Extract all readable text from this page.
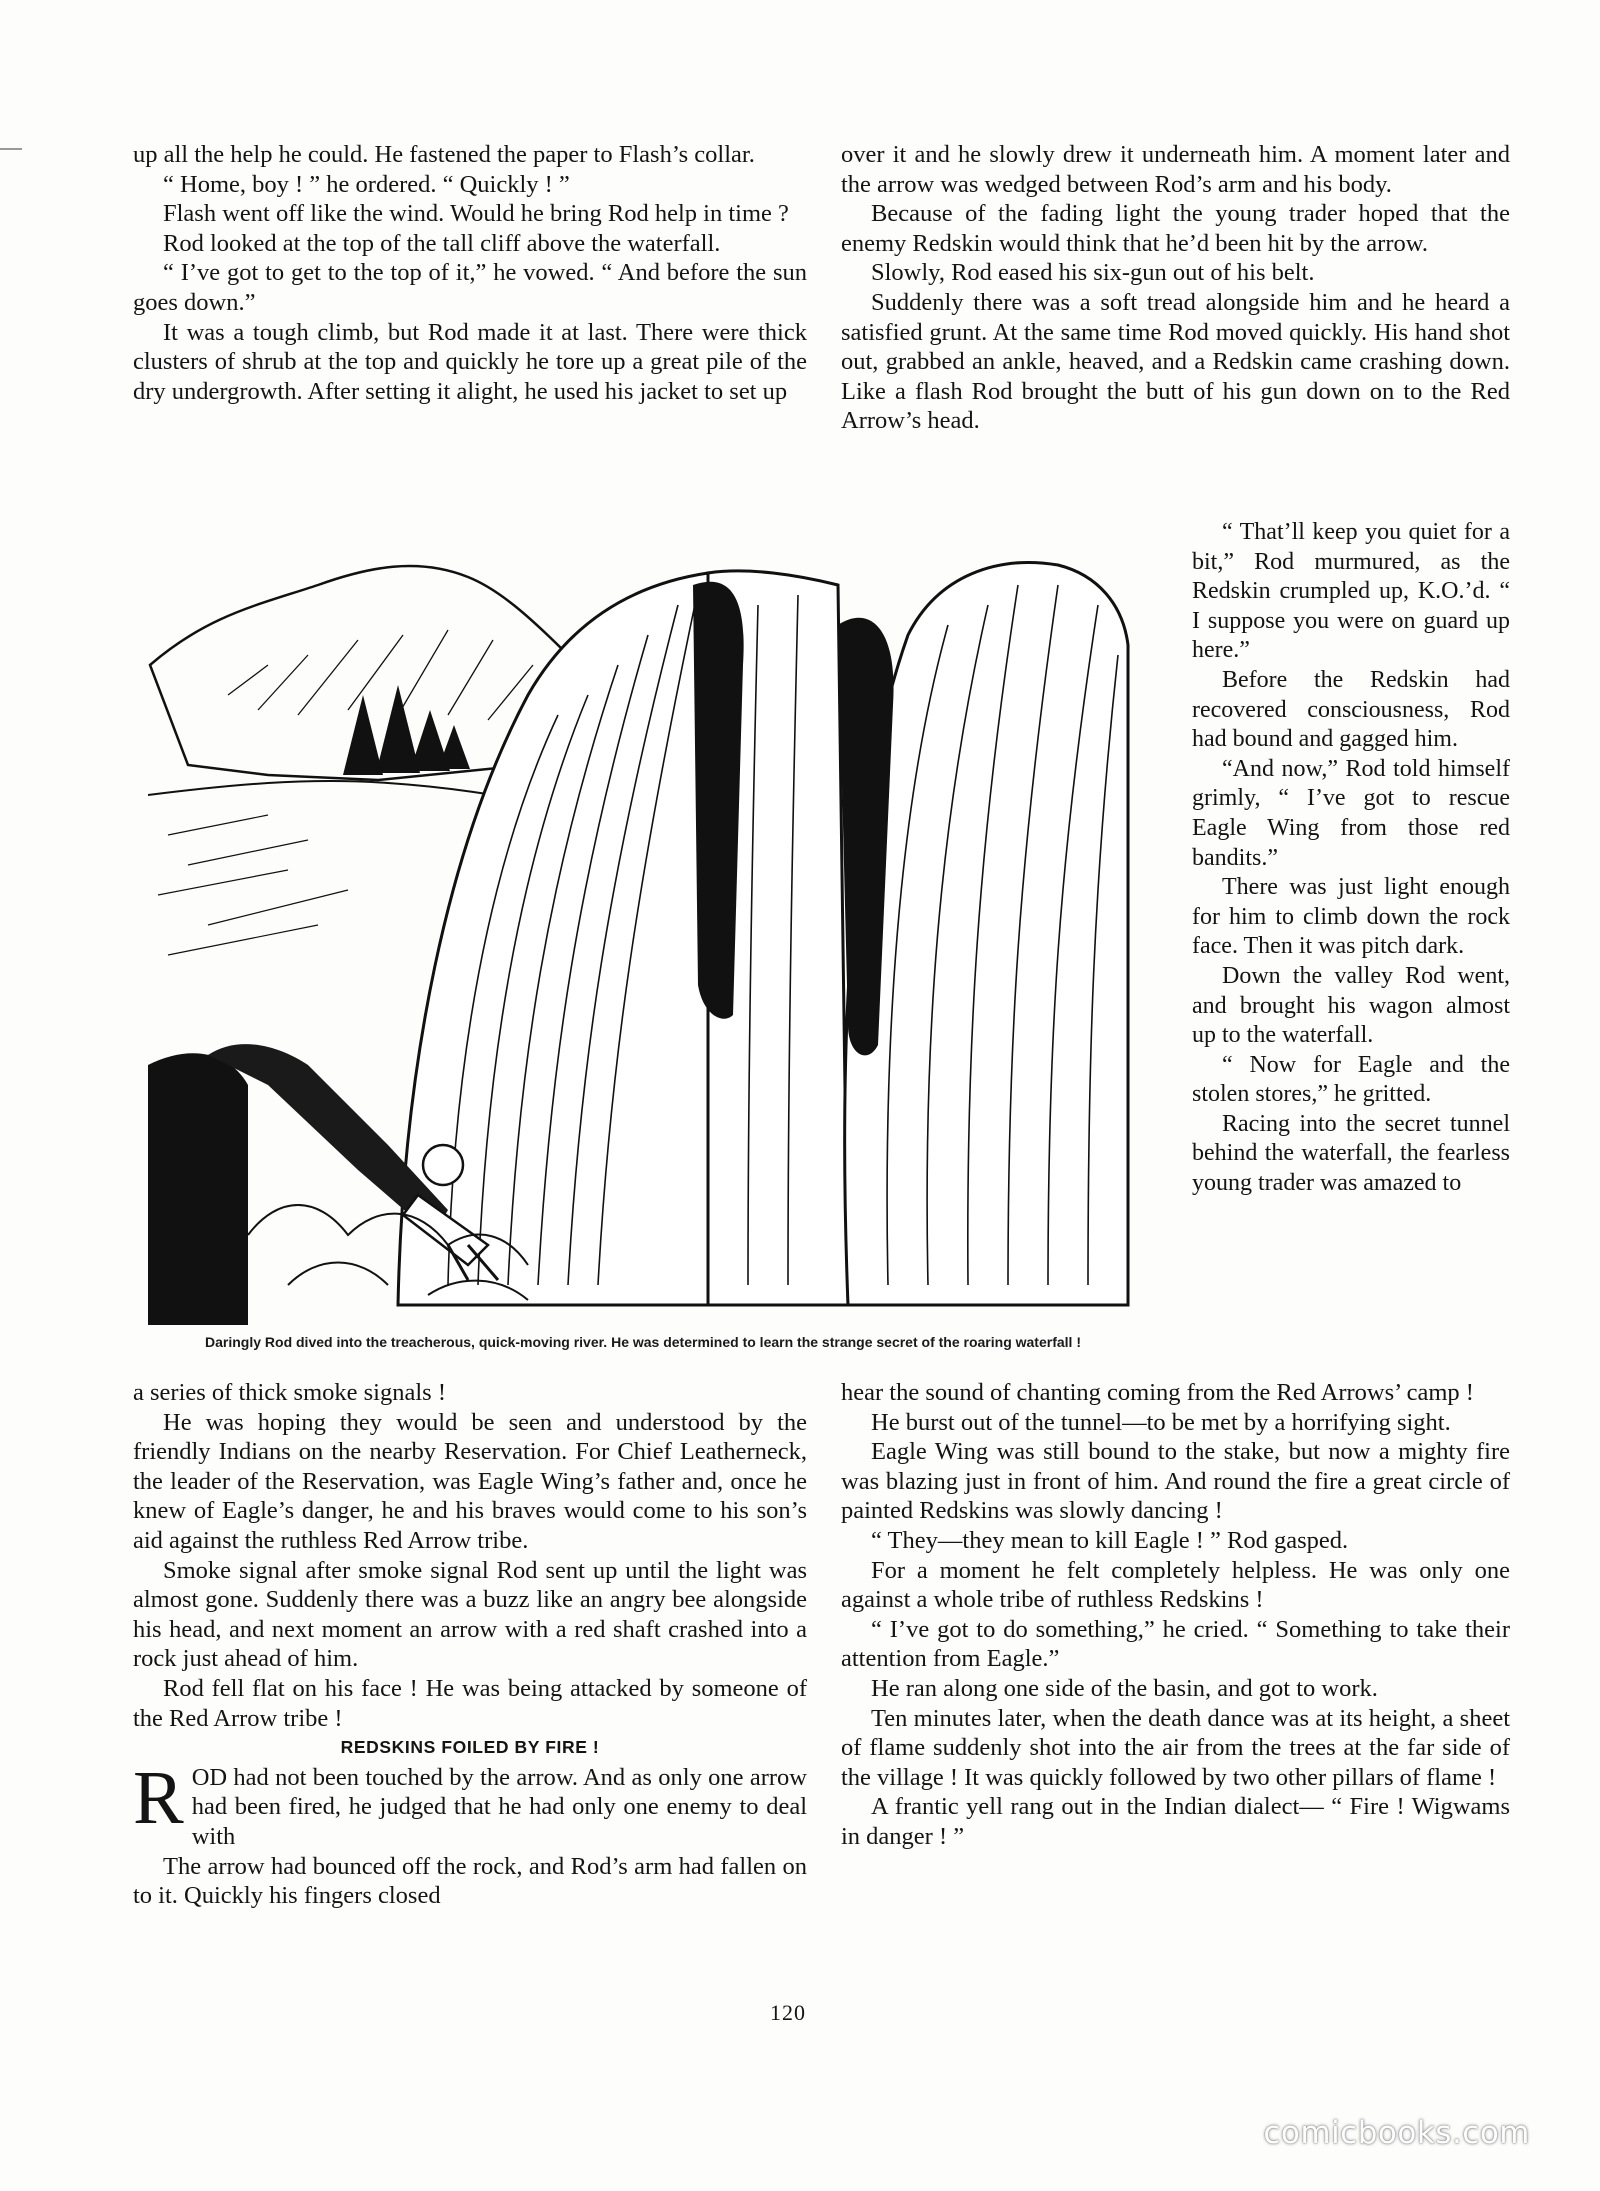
up all the help he could. He fastened the paper to Flash’s collar.

“ Home, boy ! ” he ordered. “ Quickly ! ”

Flash went off like the wind. Would he bring Rod help in time ?

Rod looked at the top of the tall cliff above the waterfall.

“ I’ve got to get to the top of it,” he vowed. “ And before the sun goes down.”

It was a tough climb, but Rod made it at last. There were thick clusters of shrub at the top and quickly he tore up a great pile of the dry undergrowth. After setting it alight, he used his jacket to set up

over it and he slowly drew it underneath him. A moment later and the arrow was wedged between Rod’s arm and his body.

Because of the fading light the young trader hoped that the enemy Redskin would think that he’d been hit by the arrow.

Slowly, Rod eased his six-gun out of his belt.

Suddenly there was a soft tread alongside him and he heard a satisfied grunt. At the same time Rod moved quickly. His hand shot out, grabbed an ankle, heaved, and a Redskin came crashing down. Like a flash Rod brought the butt of his gun down on to the Red Arrow’s head.

“ That’ll keep you quiet for a bit,” Rod murmured, as the Redskin crumpled up, K.O.’d. “ I suppose you were on guard up here.”

Before the Redskin had recovered consciousness, Rod had bound and gagged him.

“And now,” Rod told himself grimly, “ I’ve got to rescue Eagle Wing from those red bandits.”

There was just light enough for him to climb down the rock face. Then it was pitch dark.

Down the valley Rod went, and brought his wagon almost up to the waterfall.

“ Now for Eagle and the stolen stores,” he gritted.

Racing into the secret tunnel behind the waterfall, the fearless young trader was amazed to

Daringly Rod dived into the treacherous, quick-moving river. He was determined to learn the strange secret of the roaring waterfall !

a series of thick smoke signals !

He was hoping they would be seen and understood by the friendly Indians on the nearby Reservation. For Chief Leatherneck, the leader of the Reservation, was Eagle Wing’s father and, once he knew of Eagle’s danger, he and his braves would come to his son’s aid against the ruthless Red Arrow tribe.

Smoke signal after smoke signal Rod sent up until the light was almost gone. Suddenly there was a buzz like an angry bee alongside his head, and next moment an arrow with a red shaft crashed into a rock just ahead of him.

Rod fell flat on his face ! He was being attacked by someone of the Red Arrow tribe !

REDSKINS FOILED BY FIRE !

ROD had not been touched by the arrow. And as only one arrow had been fired, he judged that he had only one enemy to deal with

The arrow had bounced off the rock, and Rod’s arm had fallen on to it. Quickly his fingers closed

hear the sound of chanting coming from the Red Arrows’ camp !

He burst out of the tunnel—to be met by a horrifying sight.

Eagle Wing was still bound to the stake, but now a mighty fire was blazing just in front of him. And round the fire a great circle of painted Redskins was slowly dancing !

“ They—they mean to kill Eagle ! ” Rod gasped.

For a moment he felt completely helpless. He was only one against a whole tribe of ruthless Redskins !

“ I’ve got to do something,” he cried. “ Something to take their attention from Eagle.”

He ran along one side of the basin, and got to work.

Ten minutes later, when the death dance was at its height, a sheet of flame suddenly shot into the air from the trees at the far side of the village ! It was quickly followed by two other pillars of flame !

A frantic yell rang out in the Indian dialect— “ Fire ! Wigwams in danger ! ”

120
comicbooks.com
